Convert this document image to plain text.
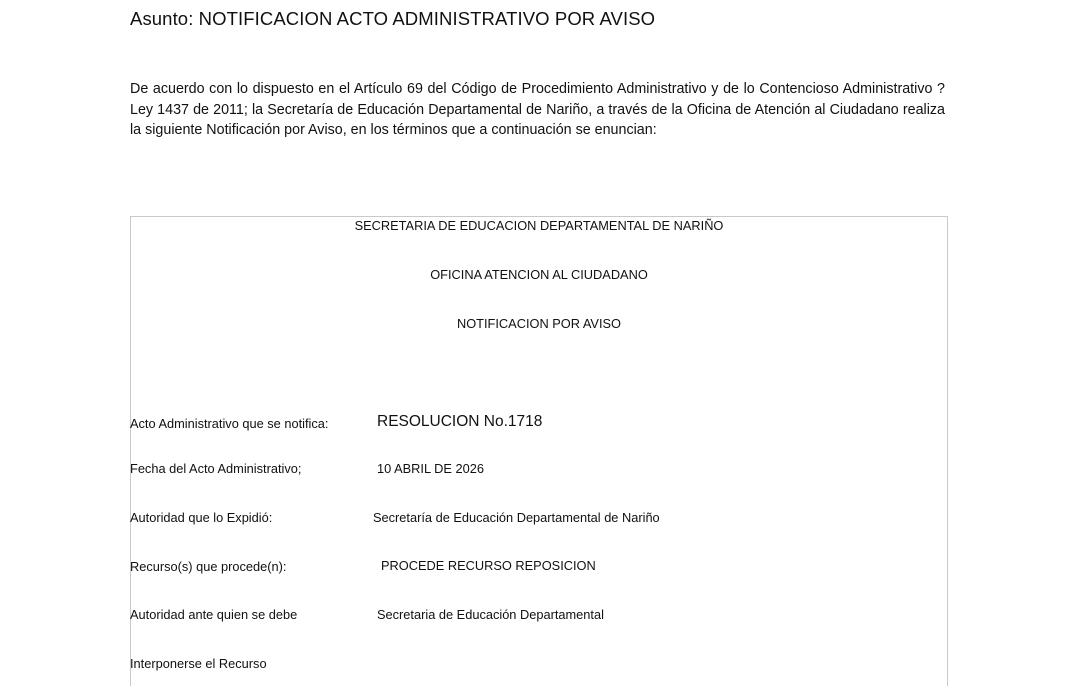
Asunto: NOTIFICACION ACTO ADMINISTRATIVO POR AVISO
De acuerdo con lo dispuesto en el Artículo 69 del Código de Procedimiento Administrativo y de lo Contencioso Administrativo ? Ley 1437 de 2011; la Secretaría de Educación Departamental de Nariño, a través de la Oficina de Atención al Ciudadano realiza la siguiente Notificación por Aviso, en los términos que a continuación se enuncian:
SECRETARIA DE EDUCACION DEPARTAMENTAL DE NARIÑO
OFICINA ATENCION AL CIUDADANO
NOTIFICACION POR AVISO
Acto Administrativo que se notifica:	RESOLUCION No.1718
Fecha del Acto Administrativo;	10 ABRIL DE 2026
Autoridad que lo Expidió:	Secretaría de Educación Departamental de Nariño
Recurso(s) que procede(n):	PROCEDE RECURSO REPOSICION
Autoridad ante quien se debe	Secretaria de Educación Departamental
Interponerse el Recurso
